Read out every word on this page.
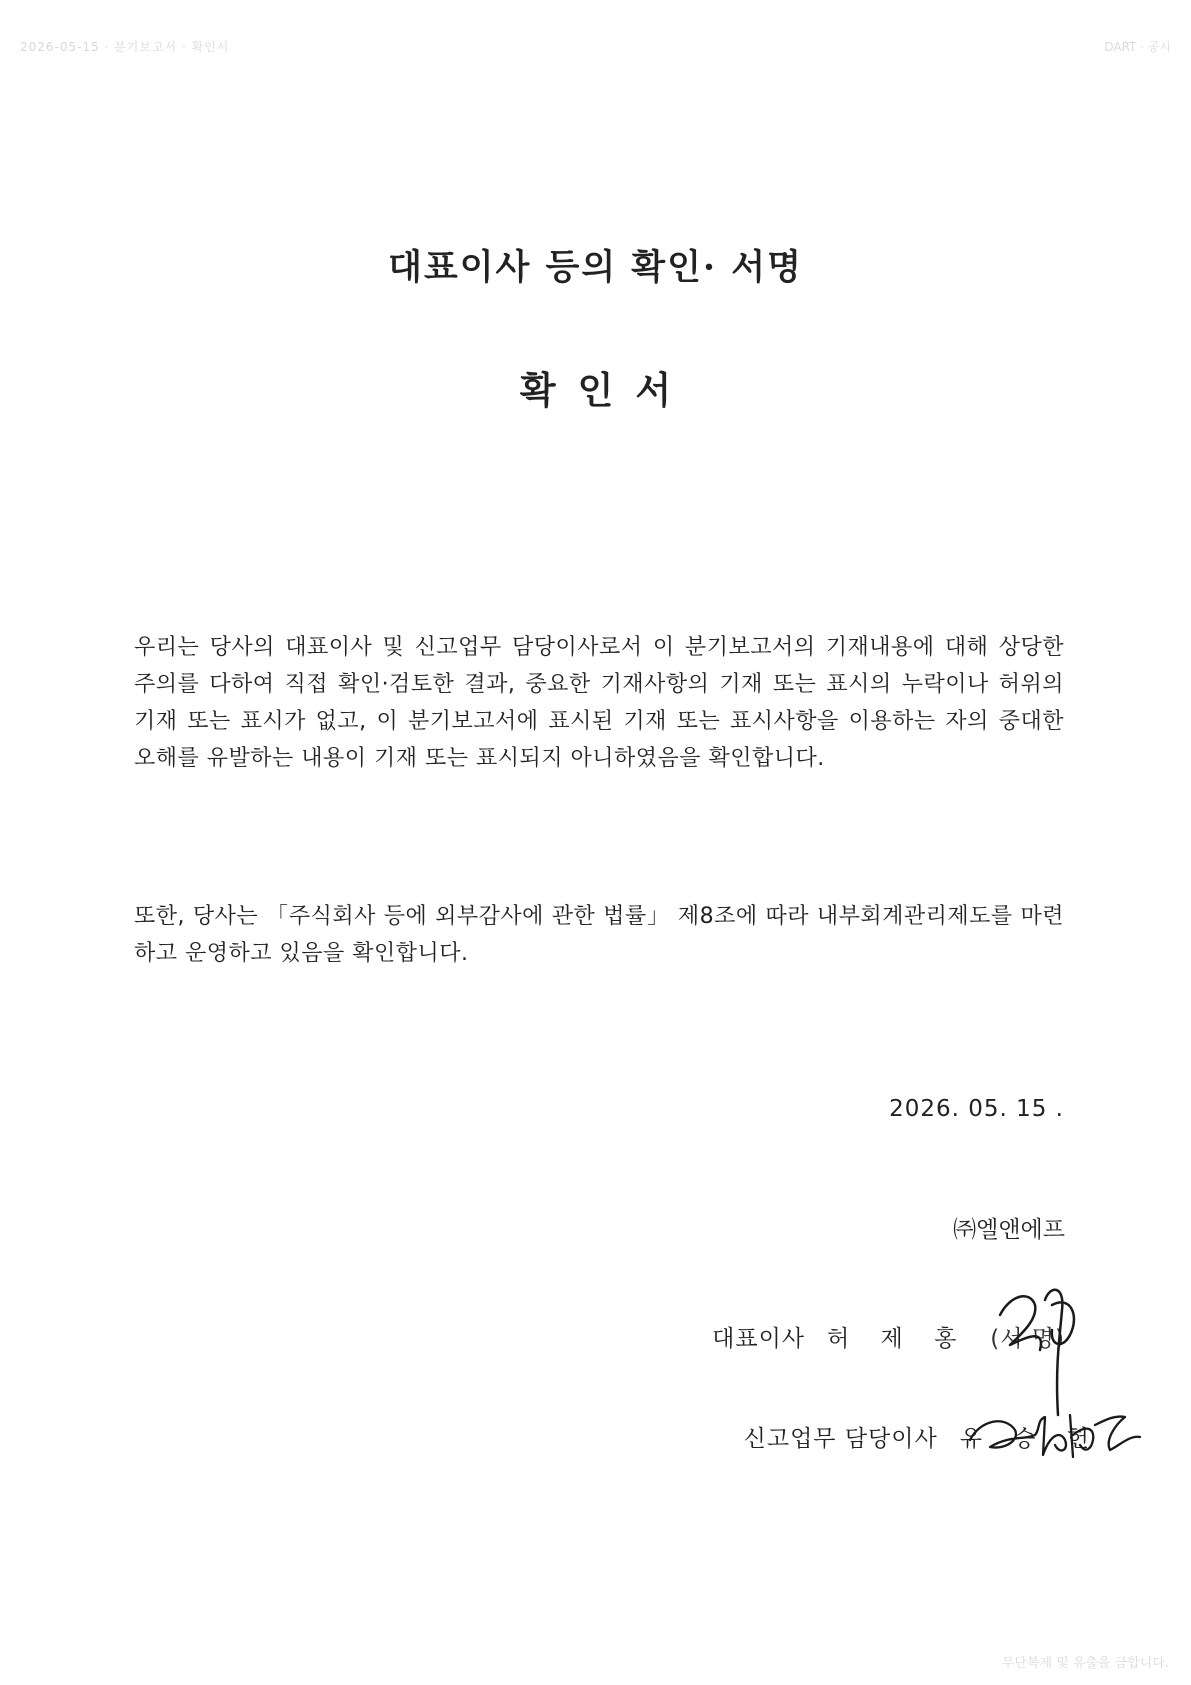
2026-05-15 · 분기보고서 · 확인서	DART · 공시
대표이사 등의 확인· 서명
확인서

우리는 당사의 대표이사 및 신고업무 담당이사로서 이 분기보고서의 기재내용에 대해 상당한 주의를 다하여 직접 확인·검토한 결과, 중요한 기재사항의 기재 또는 표시의 누락이나 허위의 기재 또는 표시가 없고, 이 분기보고서에 표시된 기재 또는 표시사항을 이용하는 자의 중대한 오해를 유발하는 내용이 기재 또는 표시되지 아니하였음을 확인합니다.

또한, 당사는 「주식회사 등에 외부감사에 관한 법률」 제8조에 따라 내부회계관리제도를 마련하고 운영하고 있음을 확인합니다.

2026. 05. 15 .

㈜엘앤에프

대표이사 허 제 홍 (서 명)
신고업무 담당이사 유 승 헌
무단복제 및 유출을 금합니다.
